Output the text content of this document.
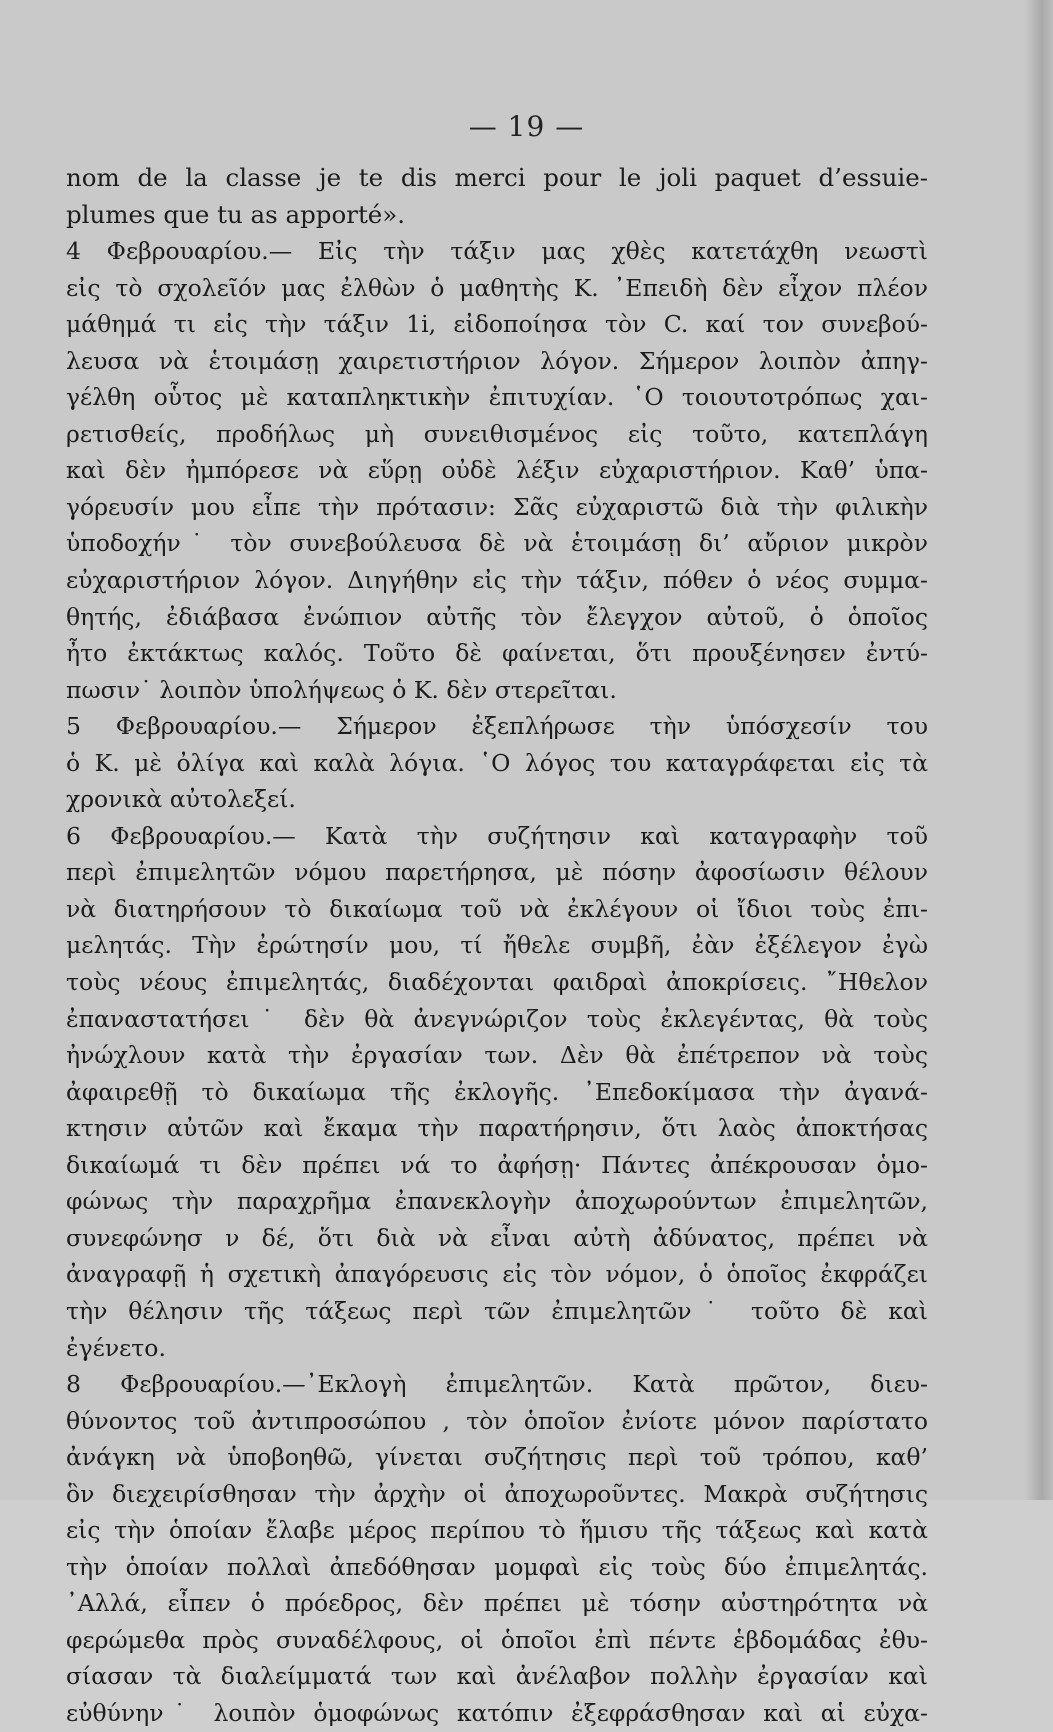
— 19 —
nom de la classe je te dis merci pour le joli paquet d’essuie-
plumes que tu as apporté».
4 Φεβρουαρίου.— Εἰς τὴν τάξιν μας χθὲς κατετάχθη νεωστὶ
εἰς τὸ σχολεῖόν μας ἐλθὼν ὁ μαθητὴς Κ. ᾿Επειδὴ δὲν εἶχον πλέον
μάθημά τι εἰς τὴν τάξιν 1i, εἰδοποίησα τὸν C. καί τον συνεβού-
λευσα νὰ ἑτοιμάσῃ χαιρετιστήριον λόγον. Σήμερον λοιπὸν ἀπηγ-
γέλθη οὗτος μὲ καταπληκτικὴν ἐπιτυχίαν. ῾Ο τοιουτοτρόπως χαι-
ρετισθείς, προδήλως μὴ συνειθισμένος εἰς τοῦτο, κατεπλάγη
καὶ δὲν ἠμπόρεσε νὰ εὕρῃ οὐδὲ λέξιν εὐχαριστήριον. Καθ’ ὑπα-
γόρευσίν μου εἶπε τὴν πρότασιν: Σᾶς εὐχαριστῶ διὰ τὴν φιλικὴν
ὑποδοχήν˙ τὸν συνεβούλευσα δὲ νὰ ἑτοιμάσῃ δι’ αὔριον μικρὸν
εὐχαριστήριον λόγον. Διηγήθην εἰς τὴν τάξιν, πόθεν ὁ νέος συμμα-
θητής, ἐδιάβασα ἐνώπιον αὐτῆς τὸν ἔλεγχον αὐτοῦ, ὁ ὁποῖος
ἦτο ἐκτάκτως καλός. Τοῦτο δὲ φαίνεται, ὅτι προυξένησεν ἐντύ-
πωσιν˙ λοιπὸν ὑπολήψεως ὁ Κ. δὲν στερεῖται.
5 Φεβρουαρίου.— Σήμερον ἐξεπλήρωσε τὴν ὑπόσχεσίν του
ὁ Κ. μὲ ὀλίγα καὶ καλὰ λόγια. ῾Ο λόγος του καταγράφεται εἰς τὰ
χρονικὰ αὐτολεξεί.
6 Φεβρουαρίου.— Κατὰ τὴν συζήτησιν καὶ καταγραφὴν τοῦ
περὶ ἐπιμελητῶν νόμου παρετήρησα, μὲ πόσην ἀφοσίωσιν θέλουν
νὰ διατηρήσουν τὸ δικαίωμα τοῦ νὰ ἐκλέγουν οἱ ἴδιοι τοὺς ἐπι-
μελητάς. Τὴν ἐρώτησίν μου, τί ἤθελε συμβῆ, ἐὰν ἐξέλεγον ἐγὼ
τοὺς νέους ἐπιμελητάς, διαδέχονται φαιδραὶ ἀποκρίσεις. ῎Ηθελον
ἐπαναστατήσει˙ δὲν θὰ ἀνεγνώριζον τοὺς ἐκλεγέντας, θὰ τοὺς
ἠνώχλουν κατὰ τὴν ἐργασίαν των. Δὲν θὰ ἐπέτρεπον νὰ τοὺς
ἀφαιρεθῇ τὸ δικαίωμα τῆς ἐκλογῆς. ᾿Επεδοκίμασα τὴν ἀγανά-
κτησιν αὐτῶν καὶ ἔκαμα τὴν παρατήρησιν, ὅτι λαὸς ἀποκτήσας
δικαίωμά τι δὲν πρέπει νά το ἀφήσῃ· Πάντες ἀπέκρουσαν ὁμο-
φώνως τὴν παραχρῆμα ἐπανεκλογὴν ἀποχωρούντων ἐπιμελητῶν,
συνεφώνησ ν δέ, ὅτι διὰ νὰ εἶναι αὐτὴ ἀδύνατος, πρέπει νὰ
ἀναγραφῇ ἡ σχετικὴ ἀπαγόρευσις εἰς τὸν νόμον, ὁ ὁποῖος ἐκφράζει
τὴν θέλησιν τῆς τάξεως περὶ τῶν ἐπιμελητῶν˙ τοῦτο δὲ καὶ
ἐγένετο.
8 Φεβρουαρίου.—᾿Εκλογὴ ἐπιμελητῶν. Κατὰ πρῶτον, διευ-
θύνοντος τοῦ ἀντιπροσώπου , τὸν ὁποῖον ἐνίοτε μόνον παρίστατο
ἀνάγκη νὰ ὑποβοηθῶ, γίνεται συζήτησις περὶ τοῦ τρόπου, καθ’
ὃν διεχειρίσθησαν τὴν ἀρχὴν οἱ ἀποχωροῦντες. Μακρὰ συζήτησις
εἰς τὴν ὁποίαν ἔλαβε μέρος περίπου τὸ ἥμισυ τῆς τάξεως καὶ κατὰ
τὴν ὁποίαν πολλαὶ ἀπεδόθησαν μομφαὶ εἰς τοὺς δύο ἐπιμελητάς.
᾿Αλλά, εἶπεν ὁ πρόεδρος, δὲν πρέπει μὲ τόσην αὐστηρότητα νὰ
φερώμεθα πρὸς συναδέλφους, οἱ ὁποῖοι ἐπὶ πέντε ἑβδομάδας ἐθυ-
σίασαν τὰ διαλείμματά των καὶ ἀνέλαβον πολλὴν ἐργασίαν καὶ
εὐθύνην˙ λοιπὸν ὁμοφώνως κατόπιν ἐξεφράσθησαν καὶ αἱ εὐχα-
